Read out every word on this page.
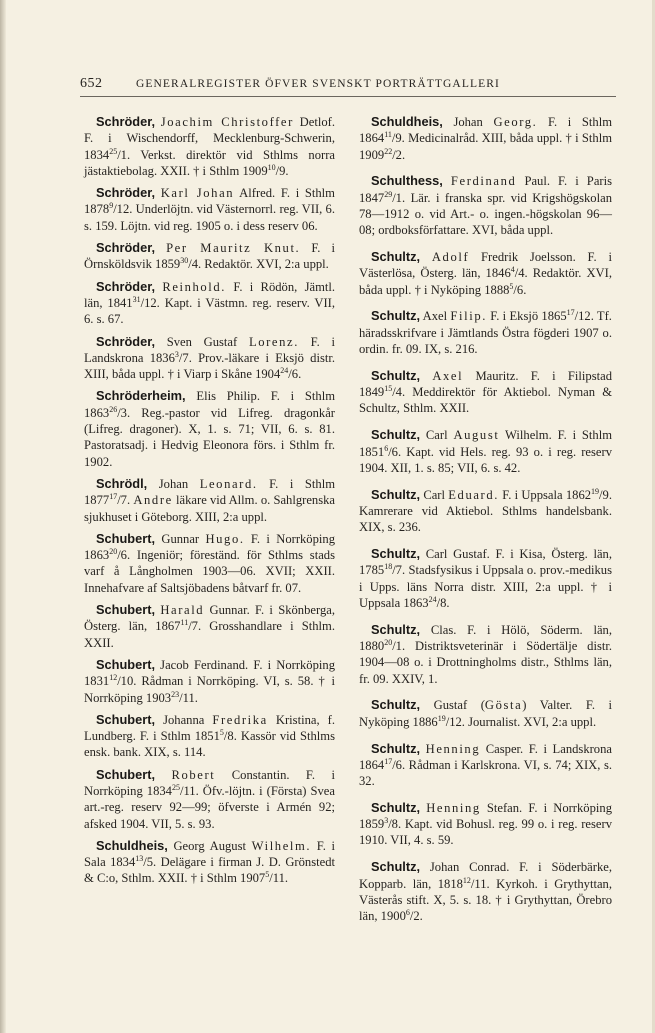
652	GENERALREGISTER ÖFVER SVENSKT PORTRÄTTGALLERI

Schröder, Joachim Christoffer Detlof. F. i Wischendorff, Mecklenburg-Schwerin, 1834$^{25}$/1. Verkst. direktör vid Sthlms norra jästaktiebolag. XXII. † i Sthlm 1909$^{10}$/9.

Schröder, Karl Johan Alfred. F. i Sthlm 1878$^9$/12. Underlöjtn. vid Västernorrl. reg. VII, 6. s. 159. Löjtn. vid reg. 1905 o. i dess reserv 06.

Schröder, Per Mauritz Knut. F. i Örnsköldsvik 1859$^{30}$/4. Redaktör. XVI, 2:a uppl.

Schröder, Reinhold. F. i Rödön, Jämtl. län, 1841$^{31}$/12. Kapt. i Västmn. reg. reserv. VII, 6. s. 67.

Schröder, Sven Gustaf Lorenz. F. i Landskrona 1836$^3$/7. Prov.-läkare i Eksjö distr. XIII, båda uppl. † i Viarp i Skåne 1904$^{24}$/6.

Schröderheim, Elis Philip. F. i Sthlm 1863$^{26}$/3. Reg.-pastor vid Lifreg. dragonkår (Lifreg. dragoner). X, 1. s. 71; VII, 6. s. 81. Pastoratsadj. i Hedvig Eleonora förs. i Sthlm fr. 1902.

Schrödl, Johan Leonard. F. i Sthlm 1877$^{17}$/7. Andre läkare vid Allm. o. Sahlgrenska sjukhuset i Göteborg. XIII, 2:a uppl.

Schubert, Gunnar Hugo. F. i Norrköping 1863$^{20}$/6. Ingeniör; föreständ. för Sthlms stads varf å Långholmen 1903—06. XVII; XXII. Innehafvare af Saltsjöbadens båtvarf fr. 07.

Schubert, Harald Gunnar. F. i Skönberga, Österg. län, 1867$^{11}$/7. Grosshandlare i Sthlm. XXII.

Schubert, Jacob Ferdinand. F. i Norrköping 1831$^{12}$/10. Rådman i Norrköping. VI, s. 58. † i Norrköping 1903$^{23}$/11.

Schubert, Johanna Fredrika Kristina, f. Lundberg. F. i Sthlm 1851$^5$/8. Kassör vid Sthlms ensk. bank. XIX, s. 114.

Schubert, Robert Constantin. F. i Norrköping 1834$^{25}$/11. Öfv.-löjtn. i (Första) Svea art.-reg. reserv 92—99; öfverste i Armén 92; afsked 1904. VII, 5. s. 93.

Schuldheis, Georg August Wilhelm. F. i Sala 1834$^{13}$/5. Delägare i firman J. D. Grönstedt & C:o, Sthlm. XXII. † i Sthlm 1907$^5$/11.

Schuldheis, Johan Georg. F. i Sthlm 1864$^{11}$/9. Medicinalråd. XIII, båda uppl. † i Sthlm 1909$^{22}$/2.

Schulthess, Ferdinand Paul. F. i Paris 1847$^{29}$/1. Lär. i franska spr. vid Krigshögskolan 78—1912 o. vid Art.- o. ingen.-högskolan 96—08; ordboksförfattare. XVI, båda uppl.

Schultz, Adolf Fredrik Joelsson. F. i Västerlösa, Österg. län, 1846$^4$/4. Redaktör. XVI, båda uppl. † i Nyköping 1888$^5$/6.

Schultz, Axel Filip. F. i Eksjö 1865$^{17}$/12. Tf. häradsskrifvare i Jämtlands Östra fögderi 1907 o. ordin. fr. 09. IX, s. 216.

Schultz, Axel Mauritz. F. i Filipstad 1849$^{15}$/4. Meddirektör för Aktiebol. Nyman & Schultz, Sthlm. XXII.

Schultz, Carl August Wilhelm. F. i Sthlm 1851$^6$/6. Kapt. vid Hels. reg. 93 o. i reg. reserv 1904. XII, 1. s. 85; VII, 6. s. 42.

Schultz, Carl Eduard. F. i Uppsala 1862$^{19}$/9. Kamrerare vid Aktiebol. Sthlms handelsbank. XIX, s. 236.

Schultz, Carl Gustaf. F. i Kisa, Österg. län, 1785$^{18}$/7. Stadsfysikus i Uppsala o. prov.-medikus i Upps. läns Norra distr. XIII, 2:a uppl. † i Uppsala 1863$^{24}$/8.

Schultz, Clas. F. i Hölö, Söderm. län, 1880$^{20}$/1. Distriktsveterinär i Södertälje distr. 1904—08 o. i Drottningholms distr., Sthlms län, fr. 09. XXIV, 1.

Schultz, Gustaf (Gösta) Valter. F. i Nyköping 1886$^{19}$/12. Journalist. XVI, 2:a uppl.

Schultz, Henning Casper. F. i Landskrona 1864$^{17}$/6. Rådman i Karlskrona. VI, s. 74; XIX, s. 32.

Schultz, Henning Stefan. F. i Norrköping 1859$^3$/8. Kapt. vid Bohusl. reg. 99 o. i reg. reserv 1910. VII, 4. s. 59.

Schultz, Johan Conrad. F. i Söderbärke, Kopparb. län, 1818$^{12}$/11. Kyrkoh. i Grythyttan, Västerås stift. X, 5. s. 18. † i Grythyttan, Örebro län, 1900$^6$/2.
